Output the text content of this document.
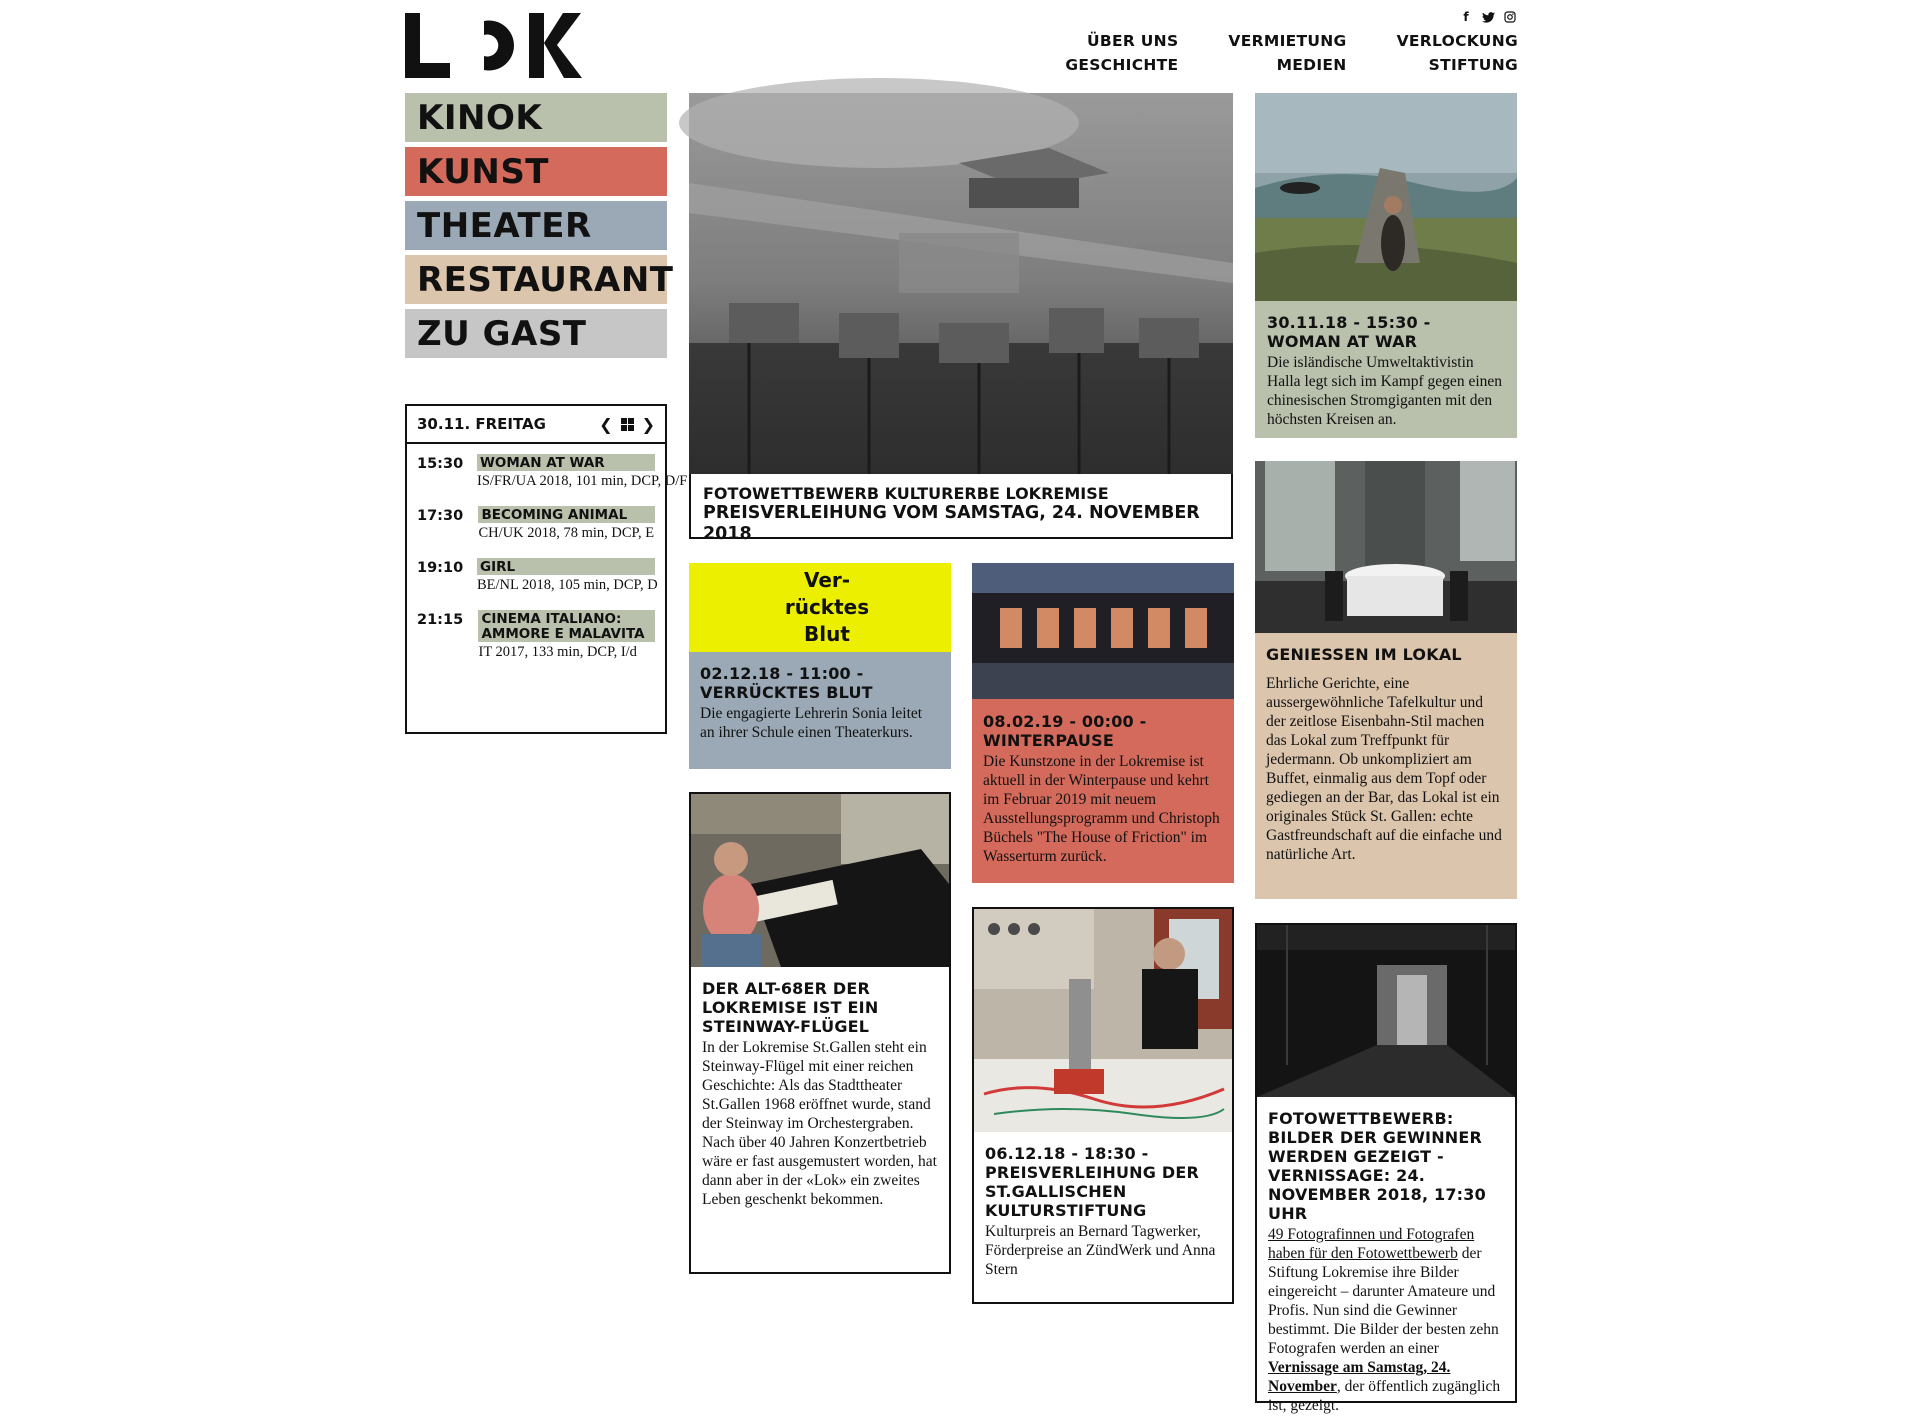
f
ÜBER UNS
GESCHICHTE
VERMIETUNG
MEDIEN
VERLOCKUNG
STIFTUNG
KINOK
KUNST
THEATER
RESTAURANT
ZU GAST
30.11. FREITAG	❮ ❯
15:30	WOMAN AT WAR
IS/FR/UA 2018, 101 min, DCP, D/F
17:30	BECOMING ANIMAL
CH/UK 2018, 78 min, DCP, E
19:10	GIRL
BE/NL 2018, 105 min, DCP, D
21:15	CINEMA ITALIANO: AMMORE E MALAVITA
IT 2017, 133 min, DCP, I/d
FOTOWETTBEWERB KULTURERBE LOKREMISE
PREISVERLEIHUNG VOM SAMSTAG, 24. NOVEMBER 2018
30.11.18 - 15:30 - WOMAN AT WAR
Die isländische Umweltaktivistin Halla legt sich im Kampf gegen einen chinesischen Stromgiganten mit den höchsten Kreisen an.
Ver-
rücktes
Blut
02.12.18 - 11:00 - VERRÜCKTES BLUT
Die engagierte Lehrerin Sonia leitet an ihrer Schule einen Theaterkurs.
08.02.19 - 00:00 - WINTERPAUSE
Die Kunstzone in der Lokremise ist aktuell in der Winterpause und kehrt im Februar 2019 mit neuem Ausstellungsprogramm und Christoph Büchels "The House of Friction" im Wasserturm zurück.
GENIESSEN IM LOKAL
Ehrliche Gerichte, eine aussergewöhnliche Tafelkultur und der zeitlose Eisenbahn-Stil machen das Lokal zum Treffpunkt für jedermann. Ob unkompliziert am Buffet, einmalig aus dem Topf oder gediegen an der Bar, das Lokal ist ein originales Stück St. Gallen: echte Gastfreundschaft auf die einfache und natürliche Art.
DER ALT-68ER DER LOKREMISE IST EIN STEINWAY-FLÜGEL
In der Lokremise St.Gallen steht ein Steinway-Flügel mit einer reichen Geschichte: Als das Stadttheater St.Gallen 1968 eröffnet wurde, stand der Steinway im Orchestergraben. Nach über 40 Jahren Konzertbetrieb wäre er fast ausgemustert worden, hat dann aber in der «Lok» ein zweites Leben geschenkt bekommen.
06.12.18 - 18:30 - PREISVERLEIHUNG DER ST.GALLISCHEN KULTURSTIFTUNG
Kulturpreis an Bernard Tagwerker, Förderpreise an ZündWerk und Anna Stern
FOTOWETTBEWERB: BILDER DER GEWINNER WERDEN GEZEIGT - VERNISSAGE: 24. NOVEMBER 2018, 17:30 UHR
49 Fotografinnen und Fotografen haben für den Fotowettbewerb der Stiftung Lokremise ihre Bilder eingereicht – darunter Amateure und Profis. Nun sind die Gewinner bestimmt. Die Bilder der besten zehn Fotografen werden an einer Vernissage am Samstag, 24. November, der öffentlich zugänglich ist, gezeigt.
